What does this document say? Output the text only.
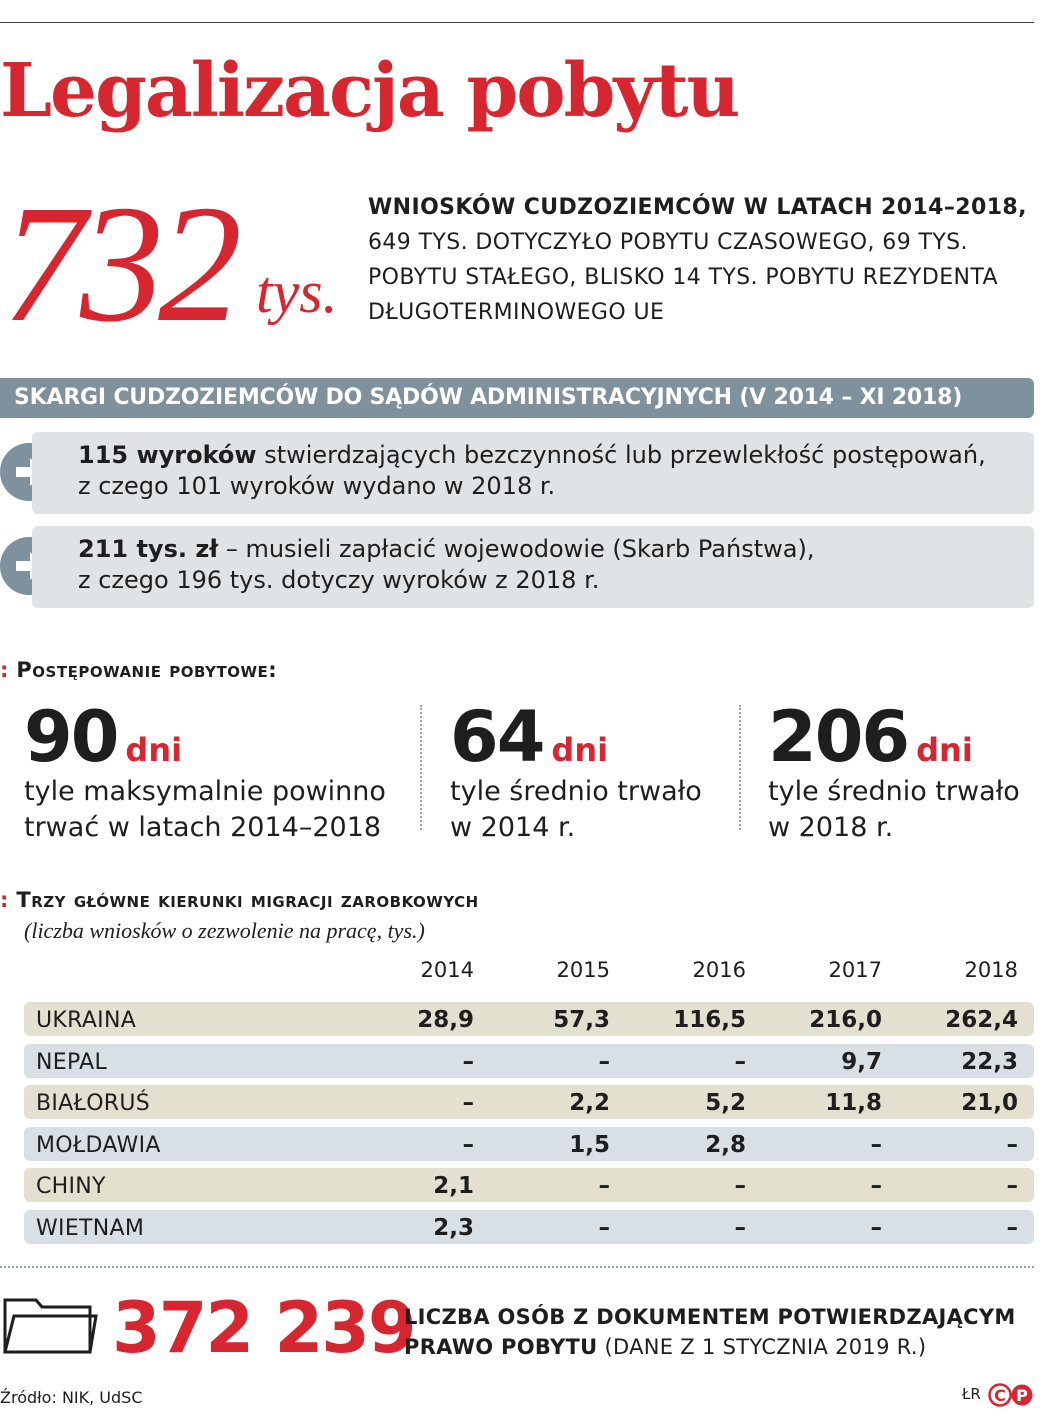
Legalizacja pobytu
732 tys.
WNIOSKÓW CUDZOZIEMCÓW W LATACH 2014–2018,
649 TYS. DOTYCZYŁO POBYTU CZASOWEGO, 69 TYS. POBYTU STAŁEGO, BLISKO 14 TYS. POBYTU REZYDENTA DŁUGOTERMINOWEGO UE
SKARGI CUDZOZIEMCÓW DO SĄDÓW ADMINISTRACYJNYCH (V 2014 – XI 2018)
115 wyroków stwierdzających bezczynność lub przewlekłość postępowań,
z czego 101 wyroków wydano w 2018 r.
211 tys. zł – musieli zapłacić wojewodowie (Skarb Państwa),
z czego 196 tys. dotyczy wyroków z 2018 r.
: Postępowanie pobytowe:
90 dni
tyle maksymalnie powinno
trwać w latach 2014–2018
64 dni
tyle średnio trwało
w 2014 r.
206 dni
tyle średnio trwało
w 2018 r.
: Trzy główne kierunki migracji zarobkowych
(liczba wniosków o zezwolenie na pracę, tys.)
2014	2015	2016	2017	2018
UKRAINA	28,9	57,3	116,5	216,0	262,4
NEPAL	–	–	–	9,7	22,3
BIAŁORUŚ	–	2,2	5,2	11,8	21,0
MOŁDAWIA	–	1,5	2,8	–	–
CHINY	2,1	–	–	–	–
WIETNAM	2,3	–	–	–	–
372 239
LICZBA OSÓB Z DOKUMENTEM POTWIERDZAJĄCYM PRAWO POBYTU (DANE Z 1 STYCZNIA 2019 R.)
Źródło: NIK, UdSC	ŁR C P
